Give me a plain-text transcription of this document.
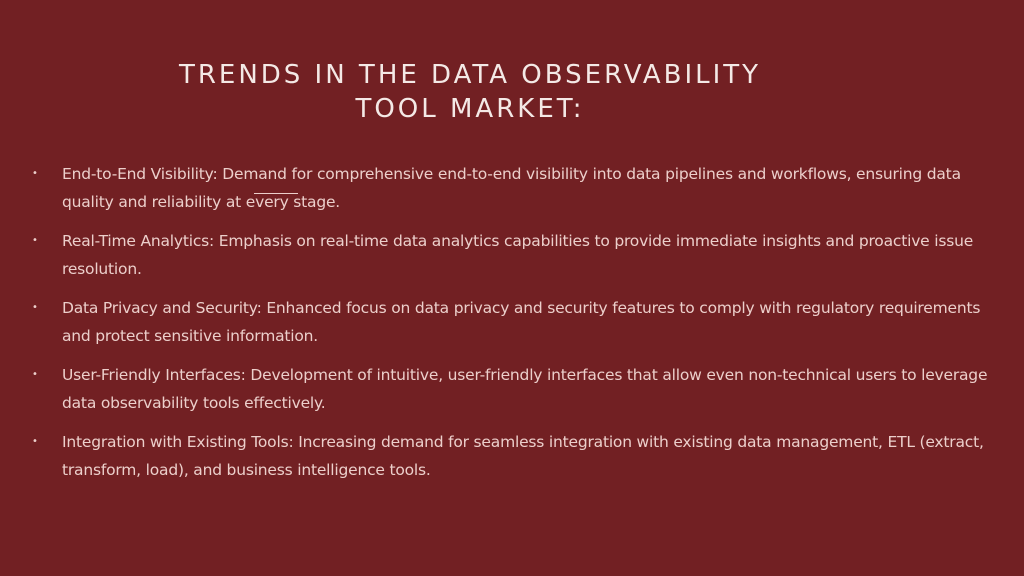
TRENDS IN THE DATA OBSERVABILITY
TOOL MARKET:
• End-to-End Visibility: Demand for comprehensive end-to-end visibility into data pipelines and workflows, ensuring data quality and reliability at every stage.
• Real-Time Analytics: Emphasis on real-time data analytics capabilities to provide immediate insights and proactive issue resolution.
• Data Privacy and Security: Enhanced focus on data privacy and security features to comply with regulatory requirements and protect sensitive information.
• User-Friendly Interfaces: Development of intuitive, user-friendly interfaces that allow even non-technical users to leverage data observability tools effectively.
• Integration with Existing Tools: Increasing demand for seamless integration with existing data management, ETL (extract, transform, load), and business intelligence tools.
